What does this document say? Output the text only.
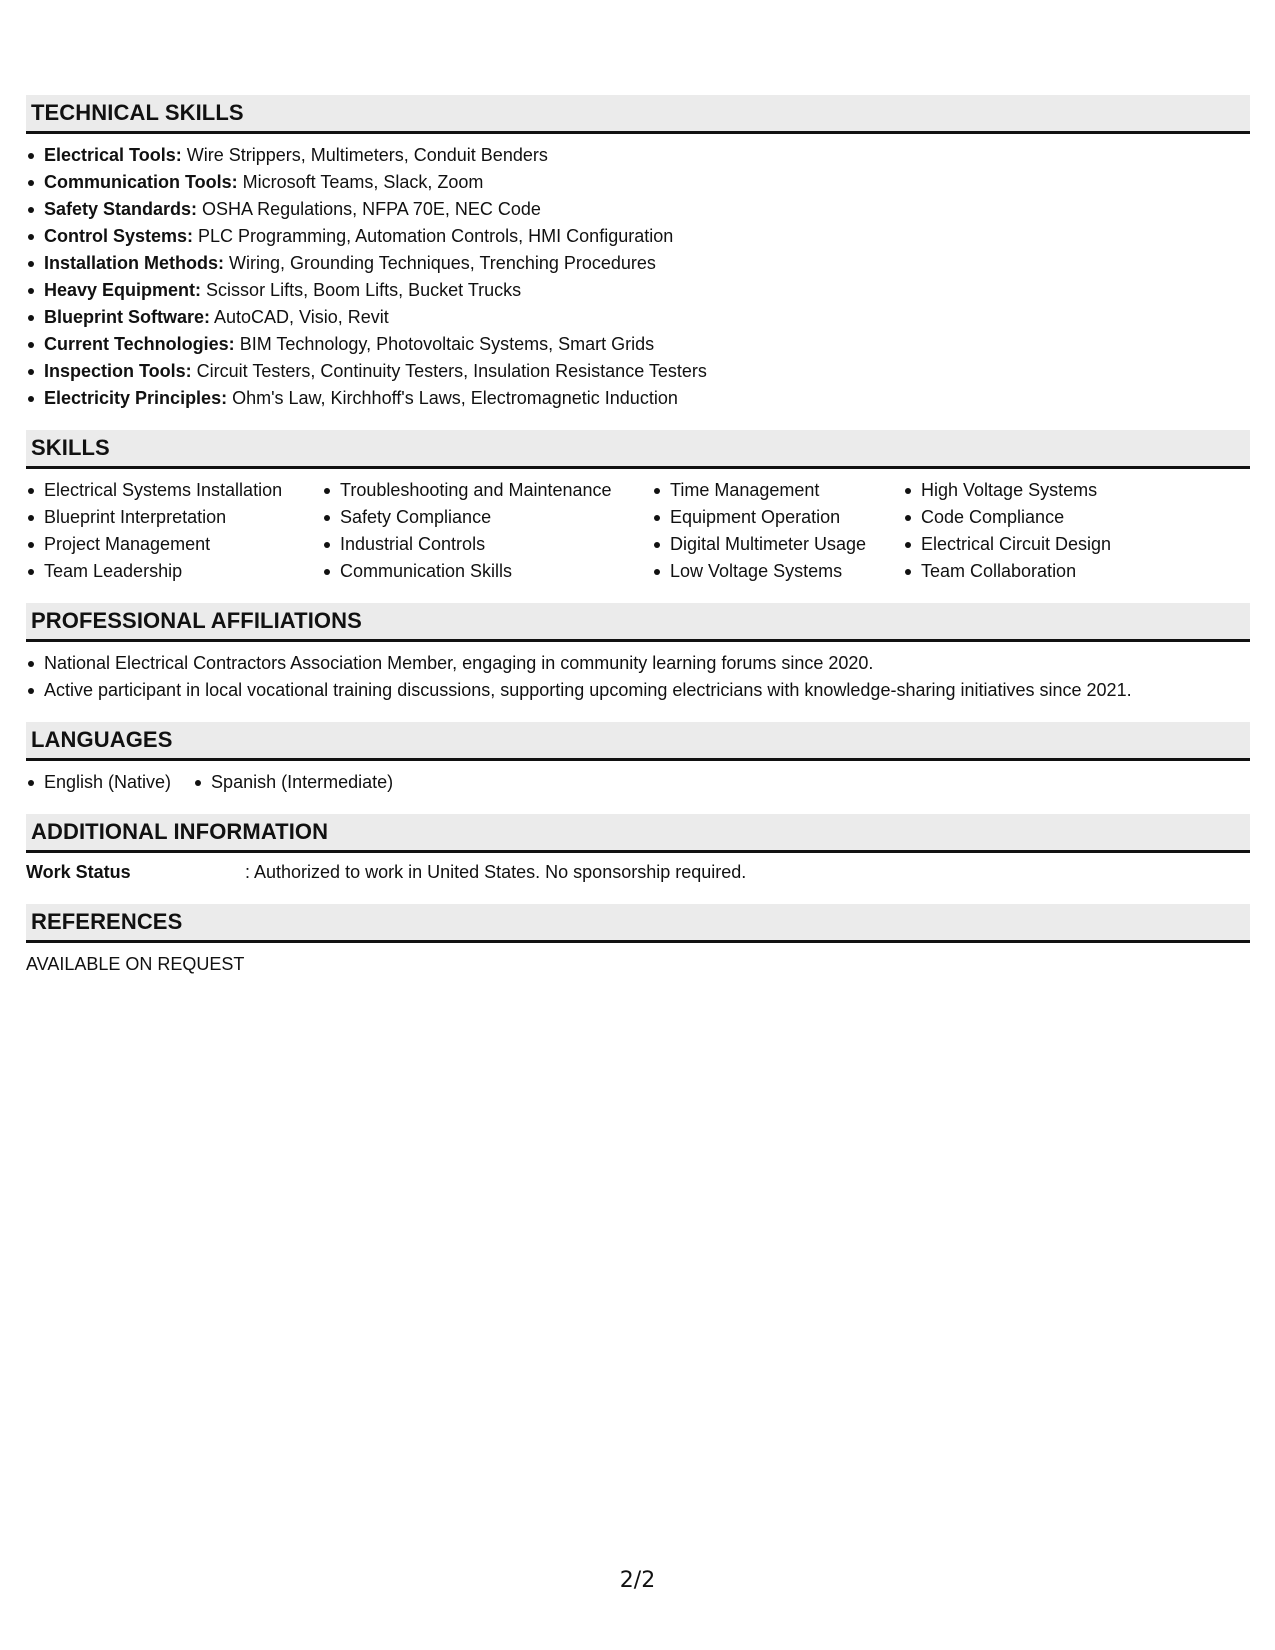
TECHNICAL SKILLS
Electrical Tools: Wire Strippers, Multimeters, Conduit Benders
Communication Tools: Microsoft Teams, Slack, Zoom
Safety Standards: OSHA Regulations, NFPA 70E, NEC Code
Control Systems: PLC Programming, Automation Controls, HMI Configuration
Installation Methods: Wiring, Grounding Techniques, Trenching Procedures
Heavy Equipment: Scissor Lifts, Boom Lifts, Bucket Trucks
Blueprint Software: AutoCAD, Visio, Revit
Current Technologies: BIM Technology, Photovoltaic Systems, Smart Grids
Inspection Tools: Circuit Testers, Continuity Testers, Insulation Resistance Testers
Electricity Principles: Ohm's Law, Kirchhoff's Laws, Electromagnetic Induction
SKILLS
Electrical Systems Installation
Blueprint Interpretation
Project Management
Team Leadership
Troubleshooting and Maintenance
Safety Compliance
Industrial Controls
Communication Skills
Time Management
Equipment Operation
Digital Multimeter Usage
Low Voltage Systems
High Voltage Systems
Code Compliance
Electrical Circuit Design
Team Collaboration
PROFESSIONAL AFFILIATIONS
National Electrical Contractors Association Member, engaging in community learning forums since 2020.
Active participant in local vocational training discussions, supporting upcoming electricians with knowledge-sharing initiatives since 2021.
LANGUAGES
English (Native)	Spanish (Intermediate)
ADDITIONAL INFORMATION
Work Status	: Authorized to work in United States. No sponsorship required.
REFERENCES
AVAILABLE ON REQUEST
2/2
